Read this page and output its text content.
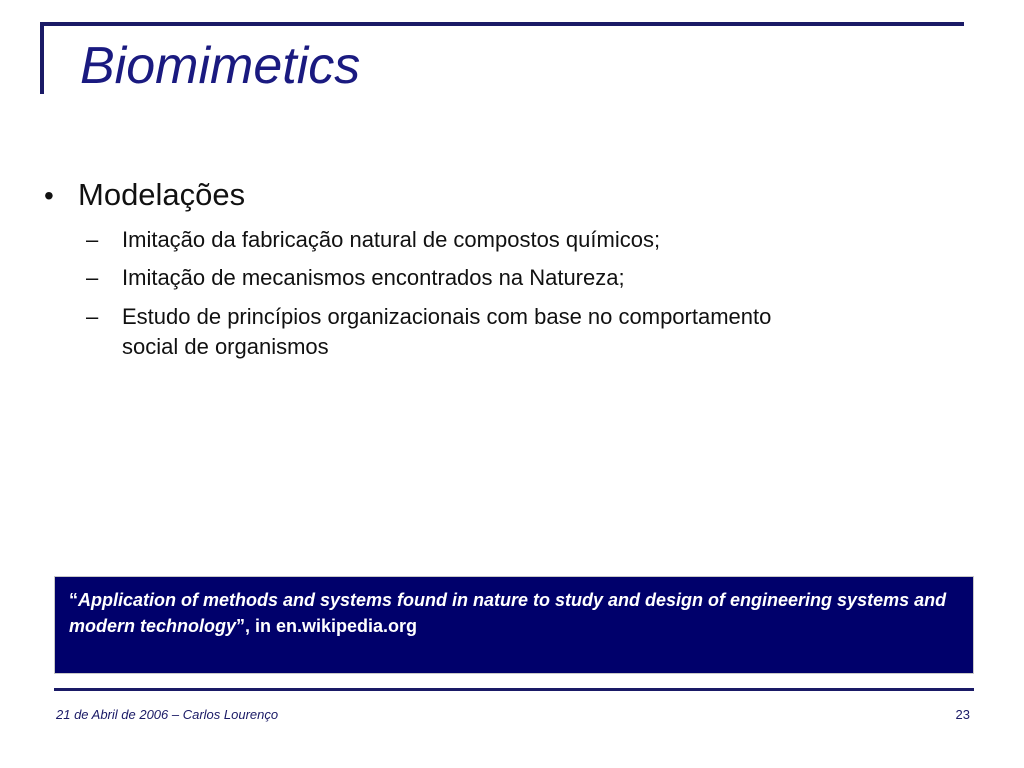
Biomimetics
• Modelações
–	Imitação da fabricação natural de compostos químicos;
–	Imitação de mecanismos encontrados na Natureza;
–	Estudo de princípios organizacionais com base no comportamento social de organismos
“Application of methods and systems found in nature to study and design of engineering systems and modern technology”, in en.wikipedia.org
21 de Abril de 2006 – Carlos Lourenço	23
